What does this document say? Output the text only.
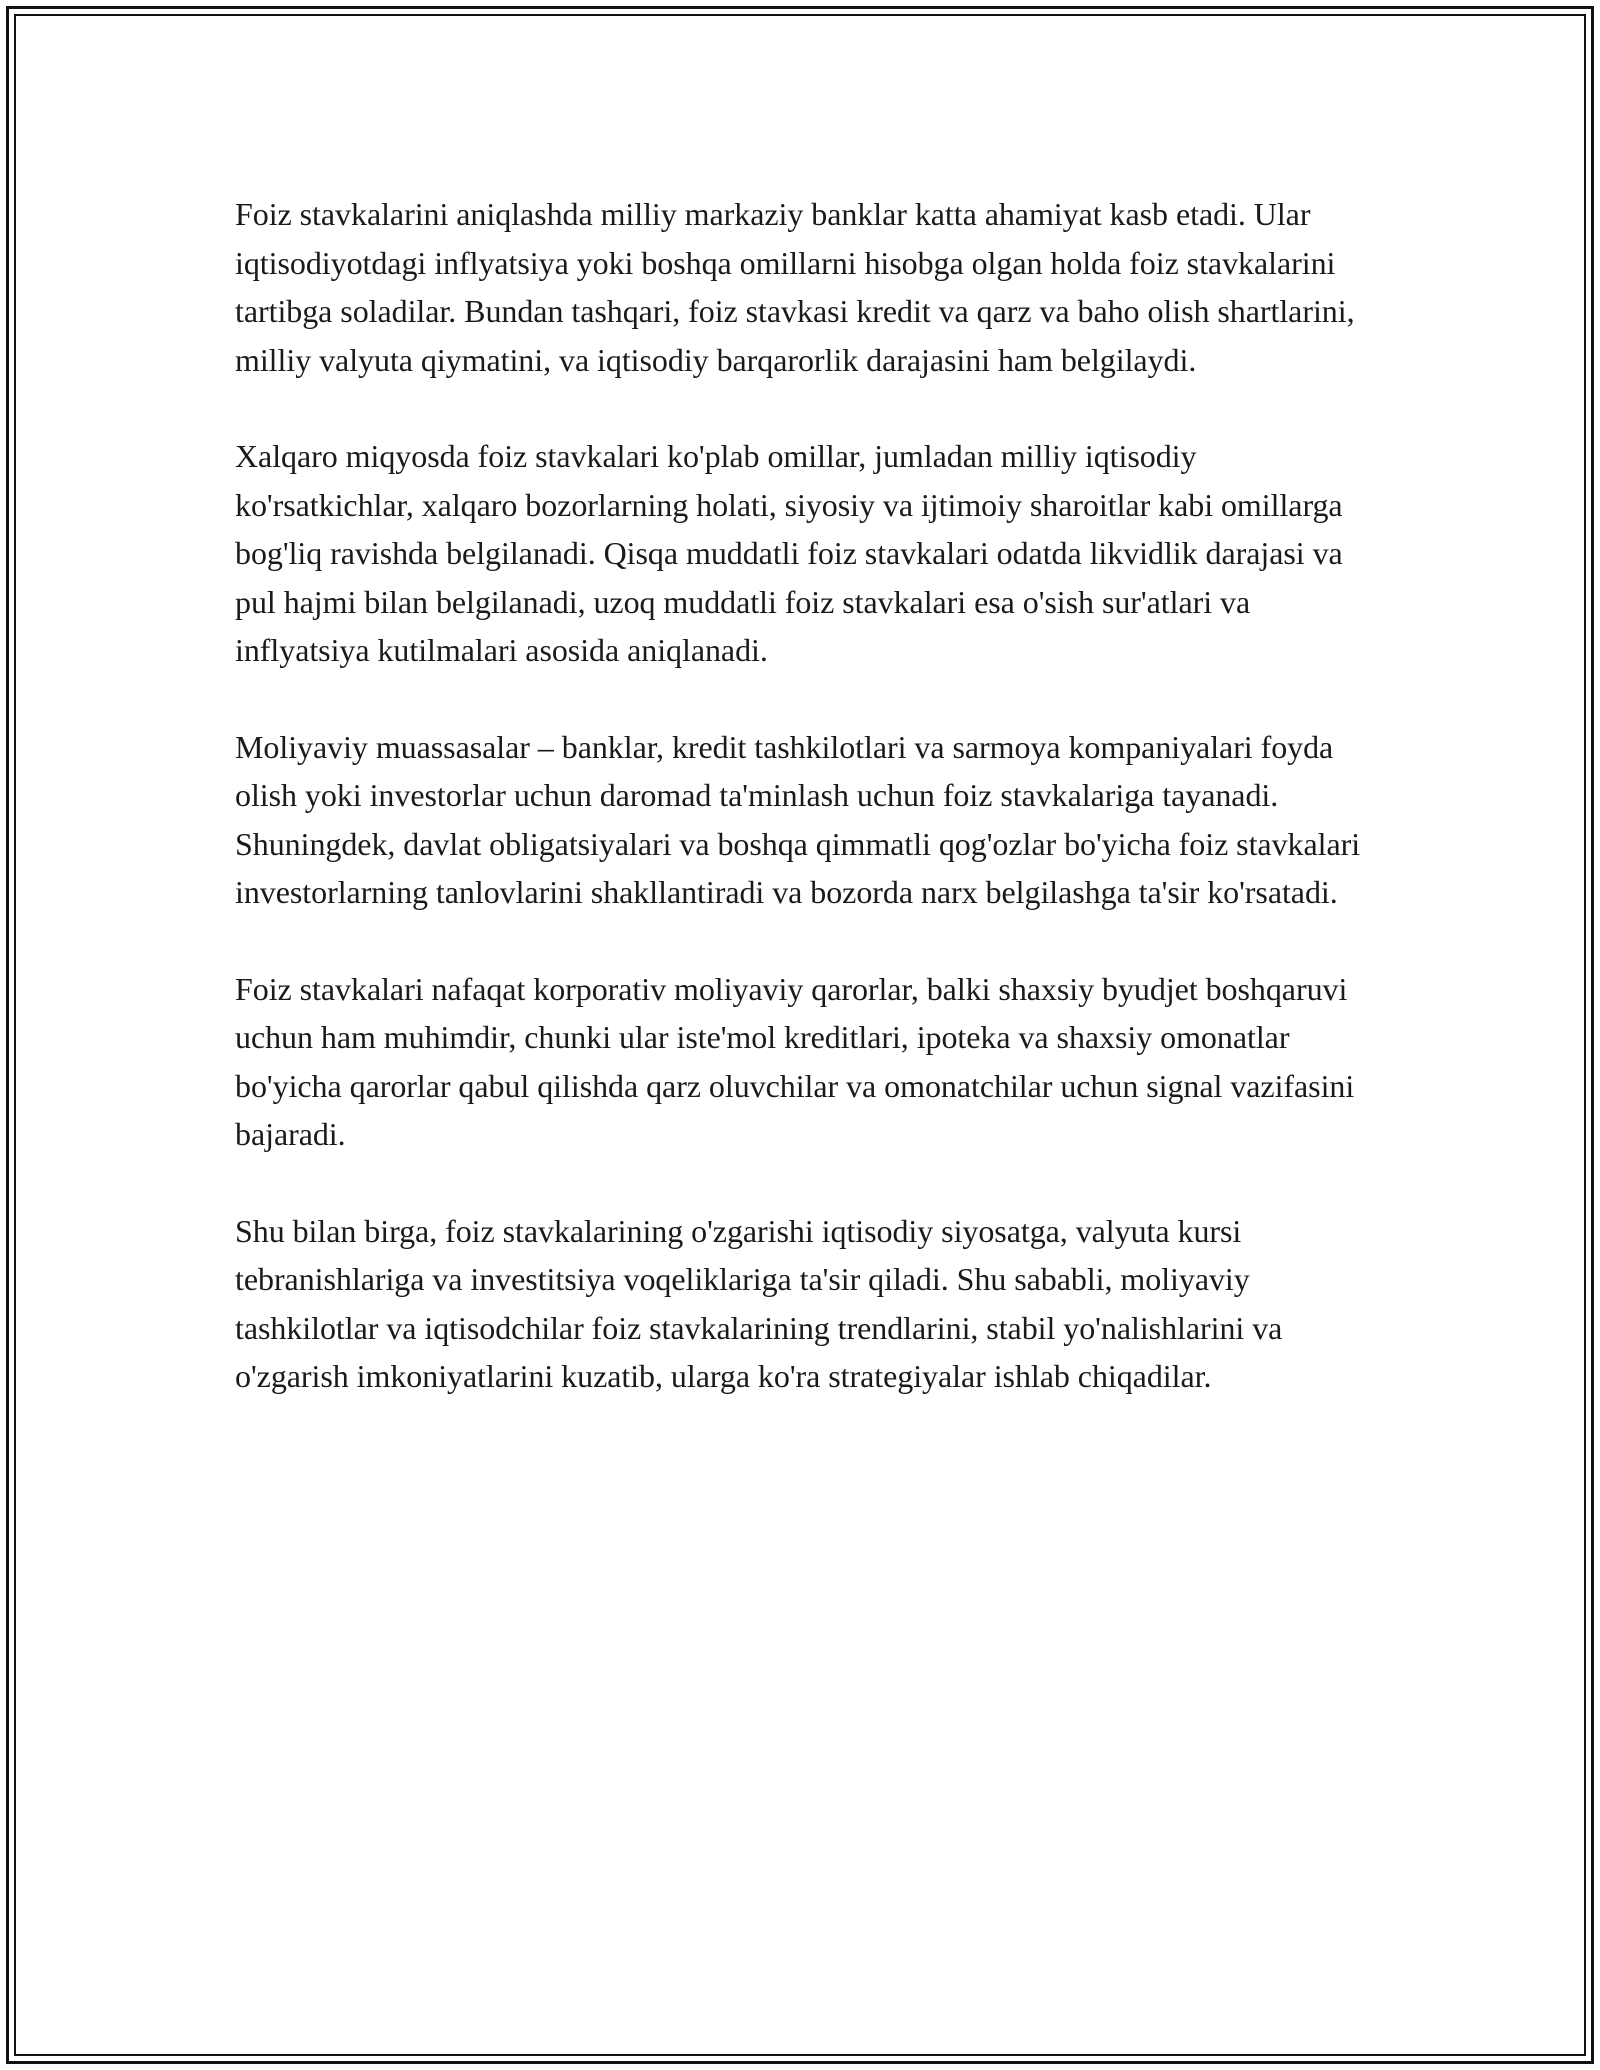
Foiz stavkalarini aniqlashda milliy markaziy banklar katta ahamiyat kasb etadi. Ular iqtisodiyotdagi inflyatsiya yoki boshqa omillarni hisobga olgan holda foiz stavkalarini tartibga soladilar. Bundan tashqari, foiz stavkasi kredit va qarz va baho olish shartlarini, milliy valyuta qiymatini, va iqtisodiy barqarorlik darajasini ham belgilaydi.

Xalqaro miqyosda foiz stavkalari ko'plab omillar, jumladan milliy iqtisodiy ko'rsatkichlar, xalqaro bozorlarning holati, siyosiy va ijtimoiy sharoitlar kabi omillarga bog'liq ravishda belgilanadi. Qisqa muddatli foiz stavkalari odatda likvidlik darajasi va pul hajmi bilan belgilanadi, uzoq muddatli foiz stavkalari esa o'sish sur'atlari va inflyatsiya kutilmalari asosida aniqlanadi.

Moliyaviy muassasalar – banklar, kredit tashkilotlari va sarmoya kompaniyalari foyda olish yoki investorlar uchun daromad ta'minlash uchun foiz stavkalariga tayanadi. Shuningdek, davlat obligatsiyalari va boshqa qimmatli qog'ozlar bo'yicha foiz stavkalari investorlarning tanlovlarini shakllantiradi va bozorda narx belgilashga ta'sir ko'rsatadi.

Foiz stavkalari nafaqat korporativ moliyaviy qarorlar, balki shaxsiy byudjet boshqaruvi uchun ham muhimdir, chunki ular iste'mol kreditlari, ipoteka va shaxsiy omonatlar bo'yicha qarorlar qabul qilishda qarz oluvchilar va omonatchilar uchun signal vazifasini bajaradi.

Shu bilan birga, foiz stavkalarining o'zgarishi iqtisodiy siyosatga, valyuta kursi tebranishlariga va investitsiya voqeliklariga ta'sir qiladi. Shu sababli, moliyaviy tashkilotlar va iqtisodchilar foiz stavkalarining trendlarini, stabil yo'nalishlarini va o'zgarish imkoniyatlarini kuzatib, ularga ko'ra strategiyalar ishlab chiqadilar.
